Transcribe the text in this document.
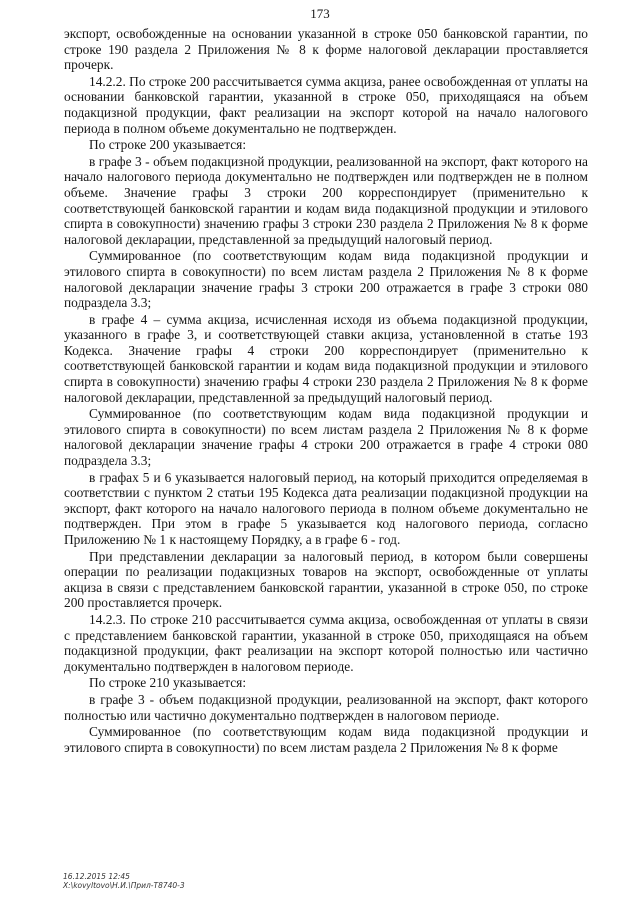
173

экспорт, освобожденные на основании указанной в строке 050 банковской гарантии, по строке 190 раздела 2 Приложения № 8 к форме налоговой декларации проставляется прочерк.

14.2.2. По строке 200 рассчитывается сумма акциза, ранее освобожденная от уплаты на основании банковской гарантии, указанной в строке 050, приходящаяся на объем подакцизной продукции, факт реализации на экспорт которой на начало налогового периода в полном объеме документально не подтвержден.

По строке 200 указывается:

в графе 3 - объем подакцизной продукции, реализованной на экспорт, факт которого на начало налогового периода документально не подтвержден или подтвержден не в полном объеме. Значение графы 3 строки 200 корреспондирует (применительно к соответствующей банковской гарантии и кодам вида подакцизной продукции и этилового спирта в совокупности) значению графы 3 строки 230 раздела 2 Приложения № 8 к форме налоговой декларации, представленной за предыдущий налоговый период.

Суммированное (по соответствующим кодам вида подакцизной продукции и этилового спирта в совокупности) по всем листам раздела 2 Приложения № 8 к форме налоговой декларации значение графы 3 строки 200 отражается в графе 3 строки 080 подраздела 3.3;

в графе 4 – сумма акциза, исчисленная исходя из объема подакцизной продукции, указанного в графе 3, и соответствующей ставки акциза, установленной в статье 193 Кодекса. Значение графы 4 строки 200 корреспондирует (применительно к соответствующей банковской гарантии и кодам вида подакцизной продукции и этилового спирта в совокупности) значению графы 4 строки 230 раздела 2 Приложения № 8 к форме налоговой декларации, представленной за предыдущий налоговый период.

Суммированное (по соответствующим кодам вида подакцизной продукции и этилового спирта в совокупности) по всем листам раздела 2 Приложения № 8 к форме налоговой декларации значение графы 4 строки 200 отражается в графе 4 строки 080 подраздела 3.3;

в графах 5 и 6 указывается налоговый период, на который приходится определяемая в соответствии с пунктом 2 статьи 195 Кодекса дата реализации подакцизной продукции на экспорт, факт которого на начало налогового периода в полном объеме документально не подтвержден. При этом в графе 5 указывается код налогового периода, согласно Приложению № 1 к настоящему Порядку, а в графе 6 - год.

При представлении декларации за налоговый период, в котором были совершены операции по реализации подакцизных товаров на экспорт, освобожденные от уплаты акциза в связи с представлением банковской гарантии, указанной в строке 050, по строке 200 проставляется прочерк.

14.2.3. По строке 210 рассчитывается сумма акциза, освобожденная от уплаты в связи с представлением банковской гарантии, указанной в строке 050, приходящаяся на объем подакцизной продукции, факт реализации на экспорт которой полностью или частично документально подтвержден в налоговом периоде.

По строке 210 указывается:

в графе 3 - объем подакцизной продукции, реализованной на экспорт, факт которого полностью или частично документально подтвержден в налоговом периоде.

Суммированное (по соответствующим кодам вида подакцизной продукции и этилового спирта в совокупности) по всем листам раздела 2 Приложения № 8 к форме

16.12.2015 12:45
X:\kovyltovo\Н.И.\Прил-Т8740-3
